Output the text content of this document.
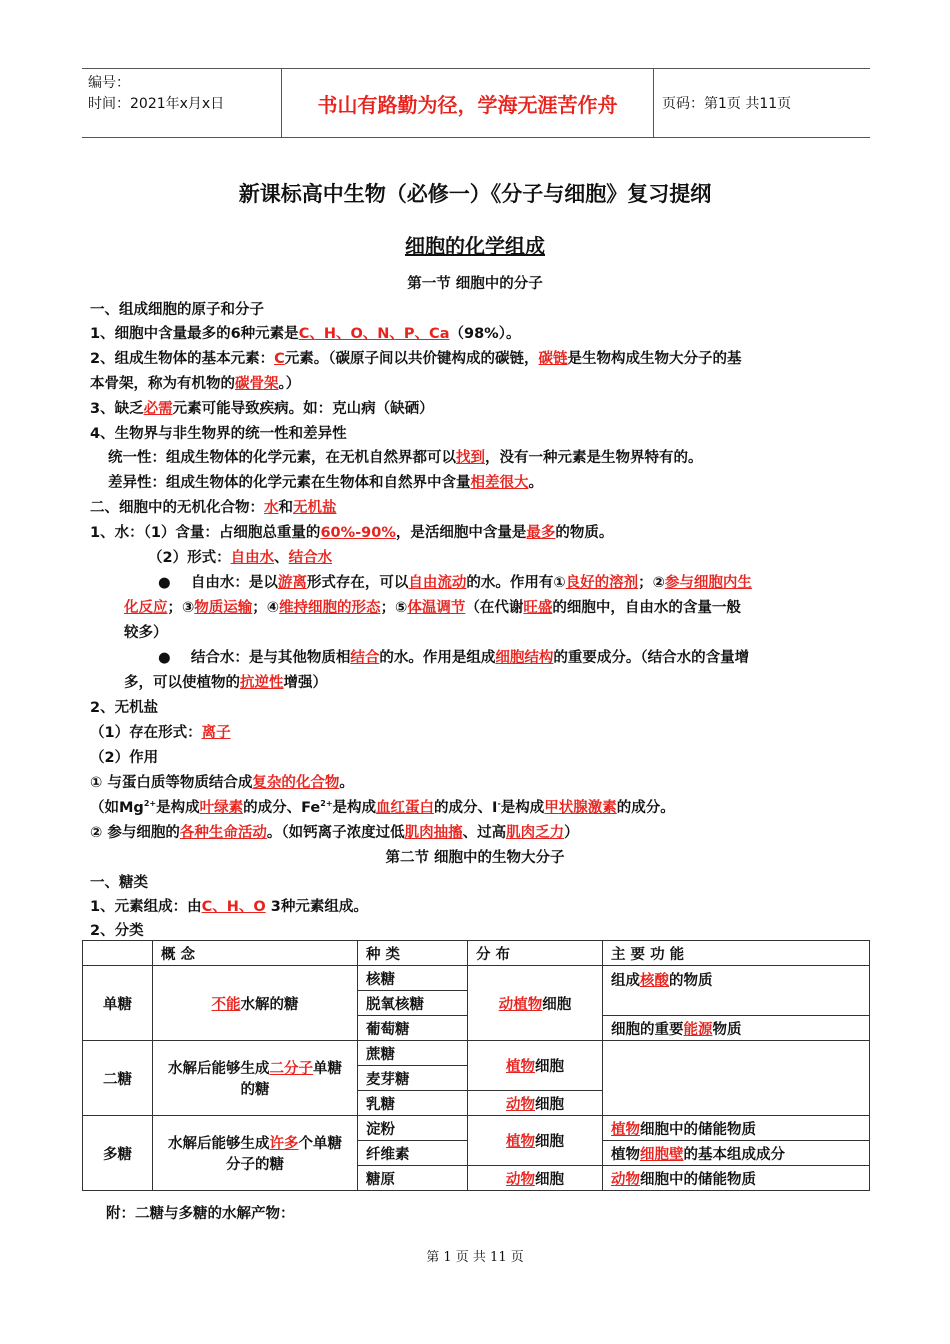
编号：
时间：2021年x月x日	书山有路勤为径，学海无涯苦作舟	页码：第1页 共11页
新课标高中生物（必修一）《分子与细胞》复习提纲
细胞的化学组成
第一节 细胞中的分子
一、组成细胞的原子和分子
1、细胞中含量最多的6种元素是C、H、O、N、P、Ca（98%）。
2、组成生物体的基本元素：C元素。（碳原子间以共价键构成的碳链，碳链是生物构成生物大分子的基
本骨架，称为有机物的碳骨架。）
3、缺乏必需元素可能导致疾病。如：克山病（缺硒）
4、生物界与非生物界的统一性和差异性
统一性：组成生物体的化学元素，在无机自然界都可以找到，没有一种元素是生物界特有的。
差异性：组成生物体的化学元素在生物体和自然界中含量相差很大。
二、细胞中的无机化合物：水和无机盐
1、水：（1）含量：占细胞总重量的60%-90%，是活细胞中含量是最多的物质。
（2）形式：自由水、结合水
●    自由水：是以游离形式存在，可以自由流动的水。作用有①良好的溶剂；②参与细胞内生
化反应；③物质运输；④维持细胞的形态；⑤体温调节（在代谢旺盛的细胞中，自由水的含量一般
较多）
●    结合水：是与其他物质相结合的水。作用是组成细胞结构的重要成分。（结合水的含量增
多，可以使植物的抗逆性增强）
2、无机盐
（1）存在形式：离子
（2）作用
① 与蛋白质等物质结合成复杂的化合物。
（如$Mg^{2+}$是构成叶绿素的成分、$Fe^{2+}$是构成血红蛋白的成分、I-是构成甲状腺激素的成分。
② 参与细胞的各种生命活动。（如钙离子浓度过低肌肉抽搐、过高肌肉乏力）
第二节 细胞中的生物大分子
一、糖类
1、元素组成：由C、H、O 3种元素组成。
2、分类
	概 念	种 类	分 布	主 要 功 能
单糖	不能水解的糖	核糖	动植物细胞	组成核酸的物质
		脱氧核糖		
		葡萄糖		细胞的重要能源物质
二糖	水解后能够生成二分子单糖的糖	蔗糖	植物细胞	
		麦芽糖		
		乳糖	动物细胞	
多糖	水解后能够生成许多个单糖分子的糖	淀粉	植物细胞	植物细胞中的储能物质
		纤维素		植物细胞壁的基本组成成分
		糖原	动物细胞	动物细胞中的储能物质
附：二糖与多糖的水解产物：
第 1 页 共 11 页
